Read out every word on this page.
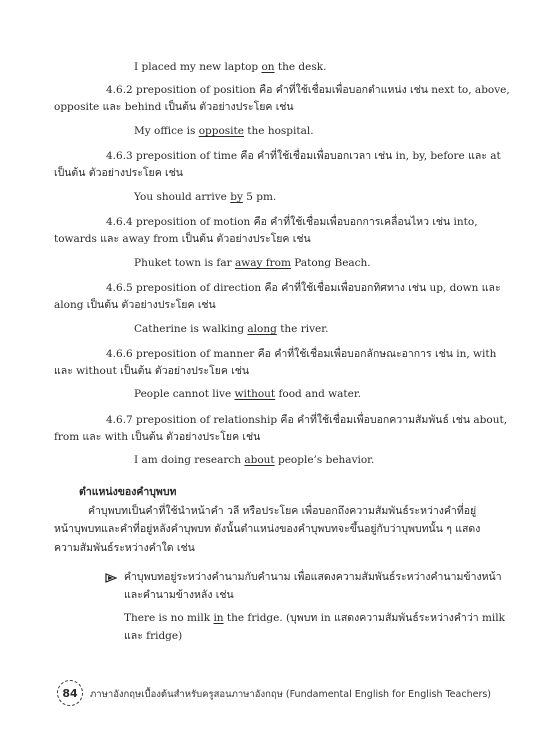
I placed my new laptop on the desk.
4.6.2 preposition of position คือ คำที่ใช้เชื่อมเพื่อบอกตำแหน่ง เช่น next to, above,
opposite และ behind เป็นต้น ตัวอย่างประโยค เช่น
My office is opposite the hospital.
4.6.3 preposition of time คือ คำที่ใช้เชื่อมเพื่อบอกเวลา เช่น in, by, before และ at
เป็นต้น ตัวอย่างประโยค เช่น
You should arrive by 5 pm.
4.6.4 preposition of motion คือ คำที่ใช้เชื่อมเพื่อบอกการเคลื่อนไหว เช่น into,
towards และ away from เป็นต้น ตัวอย่างประโยค เช่น
Phuket town is far away from Patong Beach.
4.6.5 preposition of direction คือ คำที่ใช้เชื่อมเพื่อบอกทิศทาง เช่น up, down และ
along เป็นต้น ตัวอย่างประโยค เช่น
Catherine is walking along the river.
4.6.6 preposition of manner คือ คำที่ใช้เชื่อมเพื่อบอกลักษณะอาการ เช่น in, with
และ without เป็นต้น ตัวอย่างประโยค เช่น
People cannot live without food and water.
4.6.7 preposition of relationship คือ คำที่ใช้เชื่อมเพื่อบอกความสัมพันธ์ เช่น about,
from และ with เป็นต้น ตัวอย่างประโยค เช่น
I am doing research about people’s behavior.
ตำแหน่งของคำบุพบท
คำบุพบทเป็นคำที่ใช้นำหน้าคำ วลี หรือประโยค เพื่อบอกถึงความสัมพันธ์ระหว่างคำที่อยู่
หน้าบุพบทและคำที่อยู่หลังคำบุพบท ดังนั้นตำแหน่งของคำบุพบทจะขึ้นอยู่กับว่าบุพบทนั้น ๆ แสดง
ความสัมพันธ์ระหว่างคำใด เช่น
คำบุพบทอยู่ระหว่างคำนามกับคำนาม เพื่อแสดงความสัมพันธ์ระหว่างคำนามข้างหน้า
และคำนามข้างหลัง เช่น
There is no milk in the fridge. (บุพบท in แสดงความสัมพันธ์ระหว่างคำว่า milk
และ fridge)
84 ภาษาอังกฤษเบื้องต้นสำหรับครูสอนภาษาอังกฤษ (Fundamental English for English Teachers)
